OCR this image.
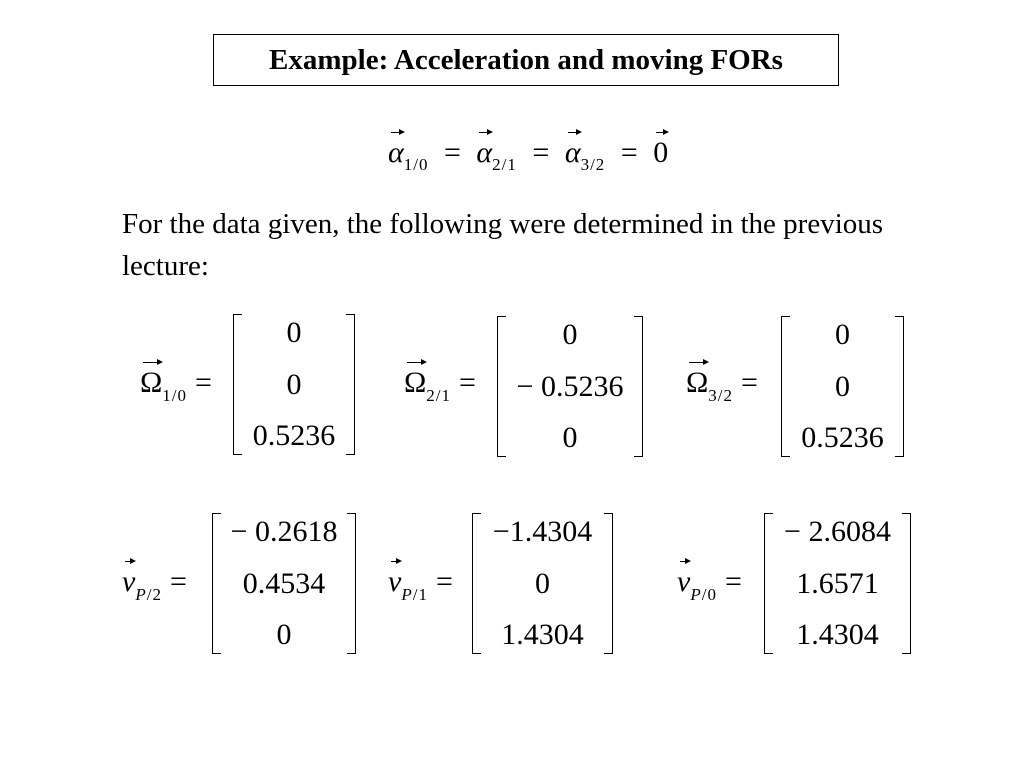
Example: Acceleration and moving FORs
$\alpha_{1/0} = \alpha_{2/1} = \alpha_{3/2} = 0$
For the data given, the following were determined in the previous lecture:
$\Omega_{1/0}$ =
0
0
0.5236
$\Omega_{2/1}$ =
0
− 0.5236
0
$\Omega_{3/2}$ =
0
0
0.5236
$v_{P/2}$ =
− 0.2618
0.4534
0
$v_{P/1}$ =
−1.4304
0
1.4304
$v_{P/0}$ =
− 2.6084
1.6571
1.4304
